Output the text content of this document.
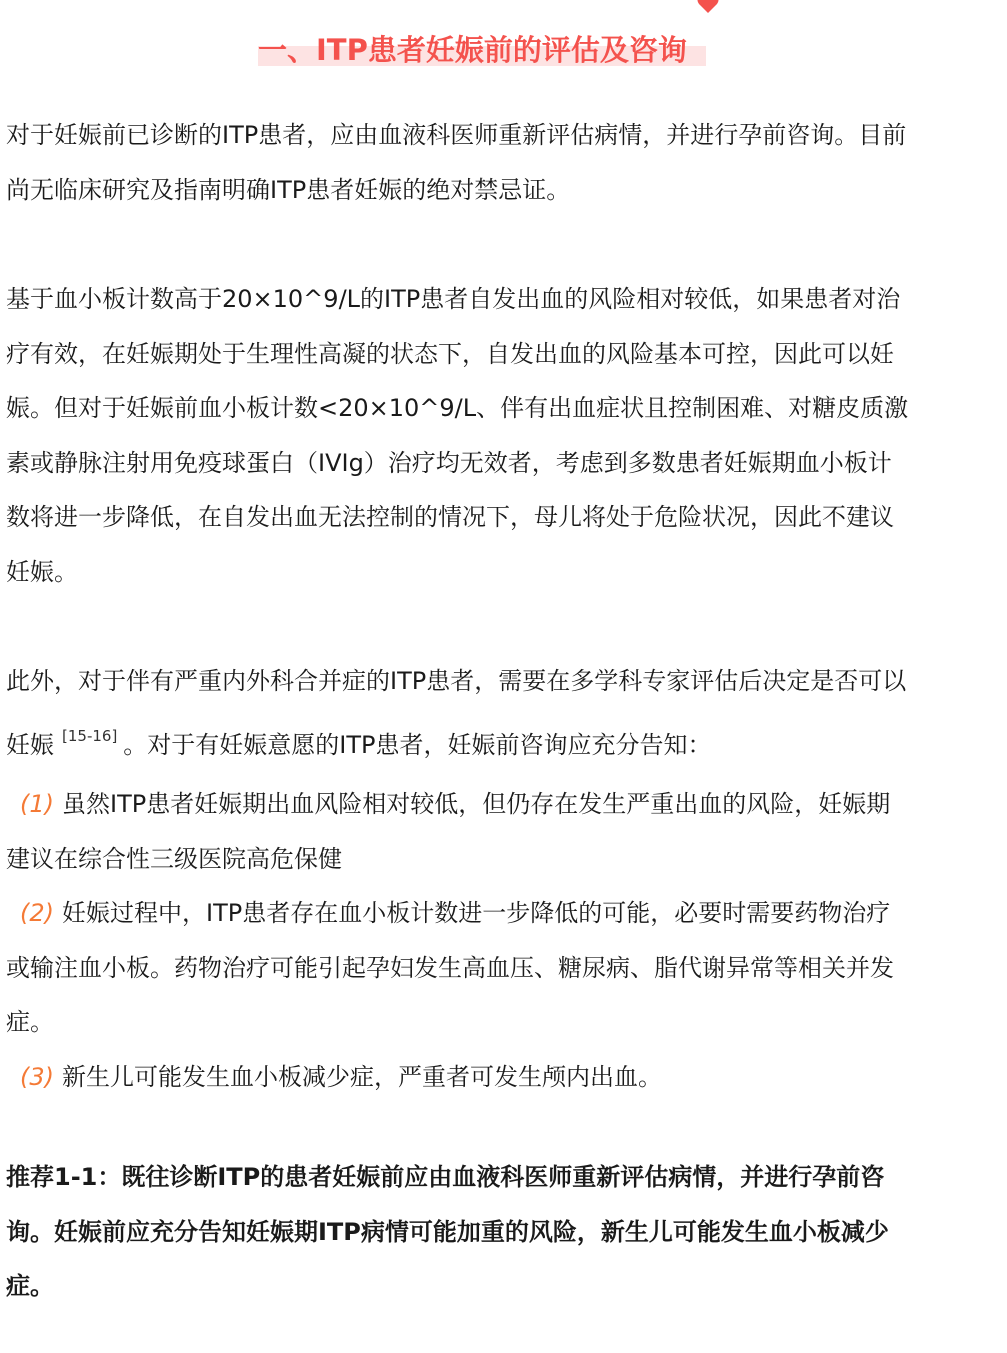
一、ITP患者妊娠前的评估及咨询
对于妊娠前已诊断的ITP患者，应由血液科医师重新评估病情，并进行孕前咨询。目前
尚无临床研究及指南明确ITP患者妊娠的绝对禁忌证。
基于血小板计数高于20×10^9/L的ITP患者自发出血的风险相对较低，如果患者对治
疗有效，在妊娠期处于生理性高凝的状态下，自发出血的风险基本可控，因此可以妊
娠。但对于妊娠前血小板计数<20×10^9/L、伴有出血症状且控制困难、对糖皮质激
素或静脉注射用免疫球蛋白（IVIg）治疗均无效者，考虑到多数患者妊娠期血小板计
数将进一步降低，在自发出血无法控制的情况下，母儿将处于危险状况，因此不建议
妊娠。
此外，对于伴有严重内外科合并症的ITP患者，需要在多学科专家评估后决定是否可以
妊娠 [15-16] 。对于有妊娠意愿的ITP患者，妊娠前咨询应充分告知：
(1) 虽然ITP患者妊娠期出血风险相对较低，但仍存在发生严重出血的风险，妊娠期
建议在综合性三级医院高危保健
(2) 妊娠过程中，ITP患者存在血小板计数进一步降低的可能，必要时需要药物治疗
或输注血小板。药物治疗可能引起孕妇发生高血压、糖尿病、脂代谢异常等相关并发
症。
(3) 新生儿可能发生血小板减少症，严重者可发生颅内出血。
推荐1-1：既往诊断ITP的患者妊娠前应由血液科医师重新评估病情，并进行孕前咨
询。妊娠前应充分告知妊娠期ITP病情可能加重的风险，新生儿可能发生血小板减少
症。
